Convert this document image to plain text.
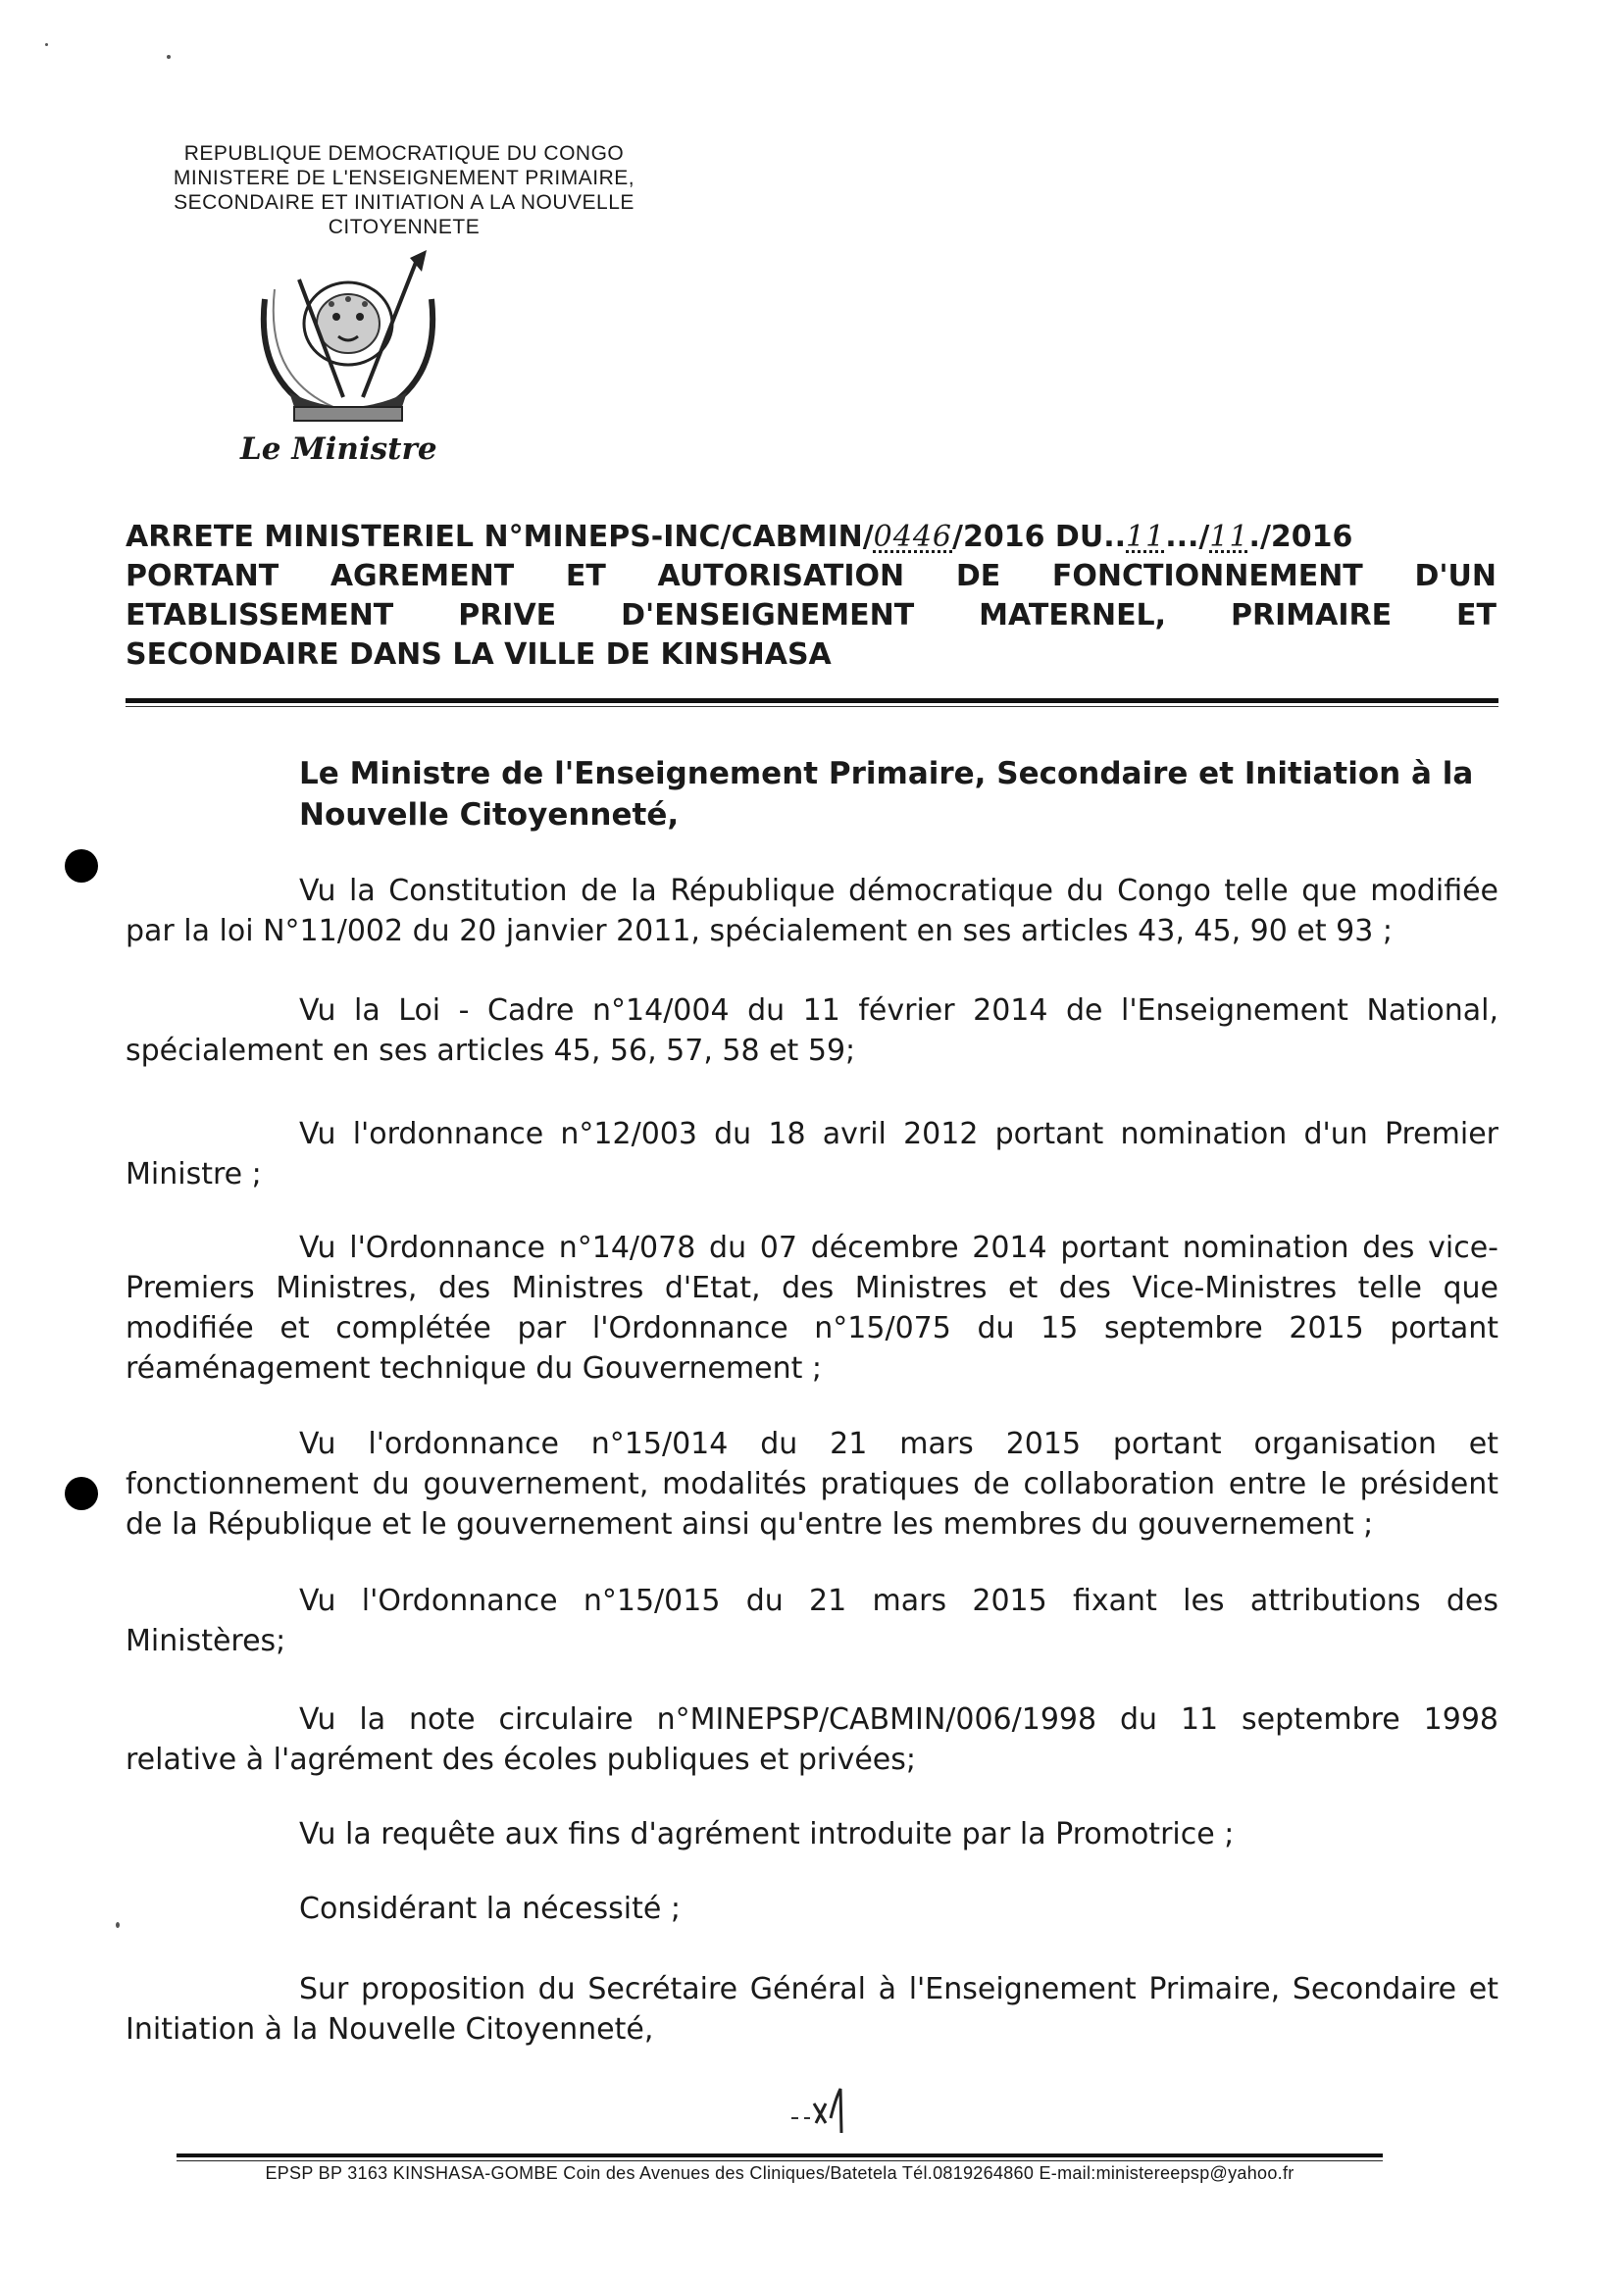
REPUBLIQUE DEMOCRATIQUE DU CONGO
MINISTERE DE L'ENSEIGNEMENT PRIMAIRE,
SECONDAIRE ET INITIATION A LA NOUVELLE
CITOYENNETE
Le Ministre
ARRETE MINISTERIEL N°MINEPS-INC/CABMIN/0446/2016 DU..11.../11./2016
PORTANT AGREMENT ET AUTORISATION DE FONCTIONNEMENT D'UN
ETABLISSEMENT PRIVE D'ENSEIGNEMENT MATERNEL, PRIMAIRE ET
SECONDAIRE DANS LA VILLE DE KINSHASA
Le Ministre de l'Enseignement Primaire, Secondaire et Initiation à la Nouvelle Citoyenneté,
Vu la Constitution de la République démocratique du Congo telle que modifiée par la loi N°11/002 du 20 janvier 2011, spécialement en ses articles 43, 45, 90 et 93 ;
Vu la Loi - Cadre n°14/004 du 11 février 2014 de l'Enseignement National, spécialement en ses articles 45, 56, 57, 58 et 59;
Vu l'ordonnance n°12/003 du 18 avril 2012 portant nomination d'un Premier Ministre ;
Vu l'Ordonnance n°14/078 du 07 décembre 2014 portant nomination des vice-Premiers Ministres, des Ministres d'Etat, des Ministres et des Vice-Ministres telle que modifiée et complétée par l'Ordonnance n°15/075 du 15 septembre 2015 portant réaménagement technique du Gouvernement ;
Vu l'ordonnance n°15/014 du 21 mars 2015 portant organisation et fonctionnement du gouvernement, modalités pratiques de collaboration entre le président de la République et le gouvernement ainsi qu'entre les membres du gouvernement ;
Vu l'Ordonnance n°15/015 du 21 mars 2015 fixant les attributions des Ministères;
Vu la note circulaire n°MINEPSP/CABMIN/006/1998 du 11 septembre 1998 relative à l'agrément des écoles publiques et privées;
Vu la requête aux fins d'agrément introduite par la Promotrice ;
Considérant la nécessité ;
Sur proposition du Secrétaire Général à l'Enseignement Primaire, Secondaire et Initiation à la Nouvelle Citoyenneté,
EPSP BP 3163 KINSHASA-GOMBE Coin des Avenues des Cliniques/Batetela Tél.0819264860 E-mail:ministereepsp@yahoo.fr
